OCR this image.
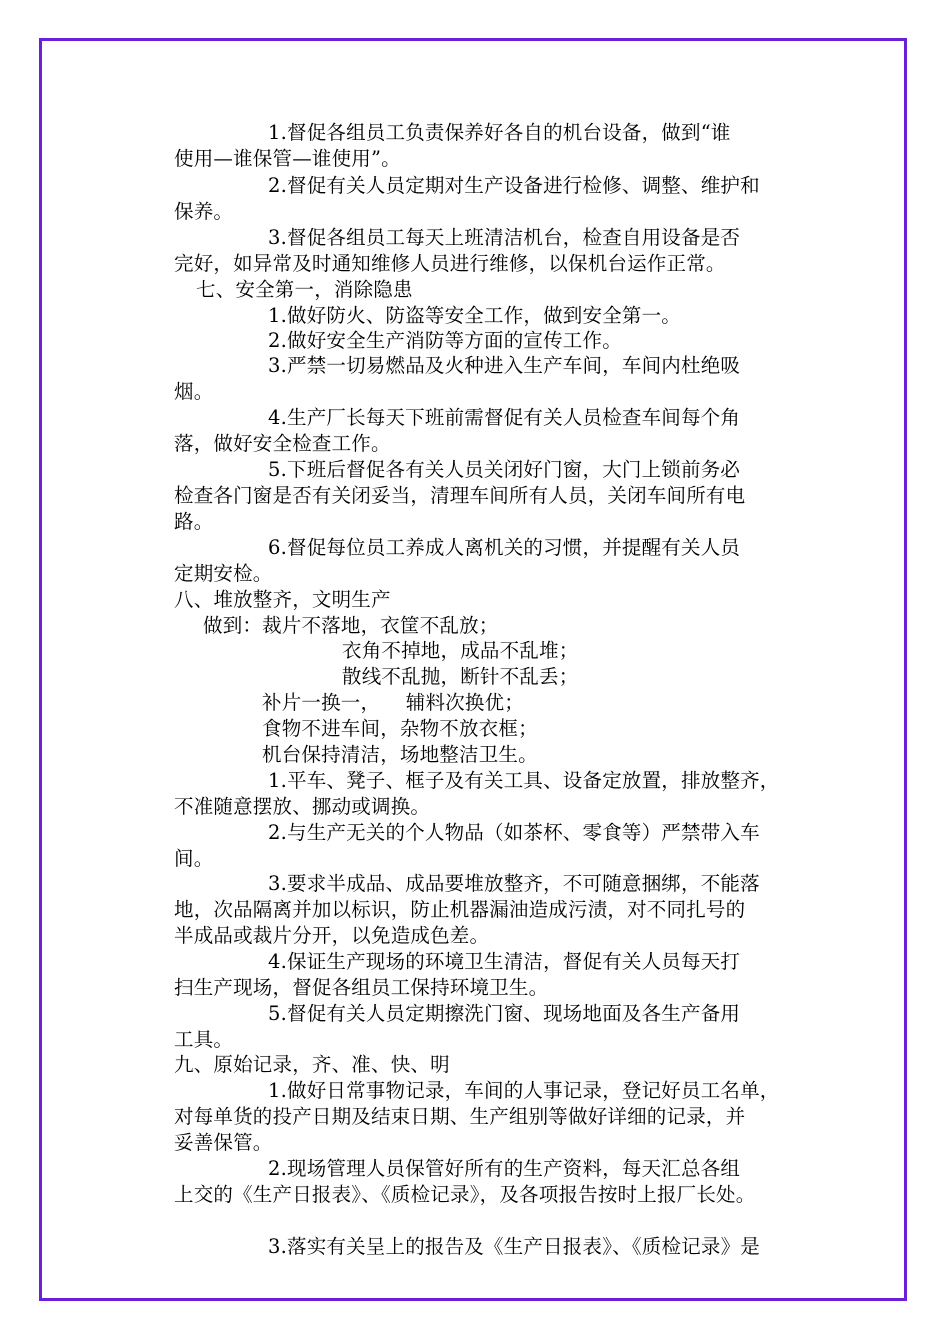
1.督促各组员工负责保养好各自的机台设备，做到“谁
使用—谁保管—谁使用”。
2.督促有关人员定期对生产设备进行检修、调整、维护和
保养。
3.督促各组员工每天上班清洁机台，检查自用设备是否
完好，如异常及时通知维修人员进行维修，以保机台运作正常。
七、安全第一，消除隐患
1.做好防火、防盗等安全工作，做到安全第一。
2.做好安全生产消防等方面的宣传工作。
3.严禁一切易燃品及火种进入生产车间，车间内杜绝吸
烟。
4.生产厂长每天下班前需督促有关人员检查车间每个角
落，做好安全检查工作。
5.下班后督促各有关人员关闭好门窗，大门上锁前务必
检查各门窗是否有关闭妥当，清理车间所有人员，关闭车间所有电
路。
6.督促每位员工养成人离机关的习惯，并提醒有关人员
定期安检。
八、堆放整齐，文明生产
做到：裁片不落地，衣筐不乱放；
衣角不掉地，成品不乱堆；
散线不乱抛，断针不乱丢；
补片一换一，    辅料次换优；
食物不进车间，杂物不放衣框；
机台保持清洁，场地整洁卫生。
1.平车、凳子、框子及有关工具、设备定放置，排放整齐，
不准随意摆放、挪动或调换。
2.与生产无关的个人物品（如茶杯、零食等）严禁带入车
间。
3.要求半成品、成品要堆放整齐，不可随意捆绑，不能落
地，次品隔离并加以标识，防止机器漏油造成污渍，对不同扎号的
半成品或裁片分开，以免造成色差。
4.保证生产现场的环境卫生清洁，督促有关人员每天打
扫生产现场，督促各组员工保持环境卫生。
5.督促有关人员定期擦洗门窗、现场地面及各生产备用
工具。
九、原始记录，齐、准、快、明
1.做好日常事物记录，车间的人事记录，登记好员工名单，
对每单货的投产日期及结束日期、生产组别等做好详细的记录，并
妥善保管。
2.现场管理人员保管好所有的生产资料，每天汇总各组
上交的《生产日报表》、《质检记录》，及各项报告按时上报厂长处。
3.落实有关呈上的报告及《生产日报表》、《质检记录》是
